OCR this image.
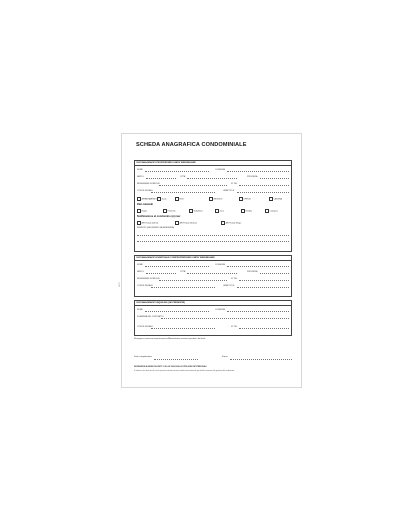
SCHEDA ANAGRAFICA CONDOMINIALE
SE171
DATI ANAGRAFICI PROPRIETARIO UNITA' IMMOBILIARE
NOME	COGNOME
NATO IL	CITTA'	PROVINCIA
RESIDENZA E DOMICILIO	N° TEL.
CODICE FISCALE	LIBRETTO N.
APPARTAMENTO	Scala	BOX	NEGOZIO	UFFICIO	CANTINA
Dati catastali
Foglio	Particella	Subalterno	Zona	Rendita	Categoria
Notificazione al condomino (a) mez
A/R Postale dell'ind.	A/R Postale (Estero)	A/R Postale Brugo
INDIRIZZO (SE DIVERSO DA RESIDENZA)
DATI ANAGRAFICI EVENTUALE COMPROPRIETARIO UNITA' IMMOBILIARE
NOME	COGNOME
NATO IL	CITTA'	PROVINCIA
RESIDENZA E DOMICILIO	N° TEL.
CODICE FISCALE	LIBRETTO N.
DATI ANAGRAFICI INQUILINO (SE PRESENTE)
NOME	COGNOME
SCADENZA DEL CONTRATTO
CODICE FISCALE	N° TEL.
Mi impegno a comunicare tempestivamente all'Amministratore variazioni riguardanti i dati forniti.
Data compilazione	Firma
INFORMATIVA AI SENSI DELL'ART. 13 D.LGS 196/03 SULLA TUTELA DEI DATI PERSONALI
Si informa che i dati raccolti con la presente scheda saranno trattati esclusivamente per finalità connesse alla gestione del condominio.
